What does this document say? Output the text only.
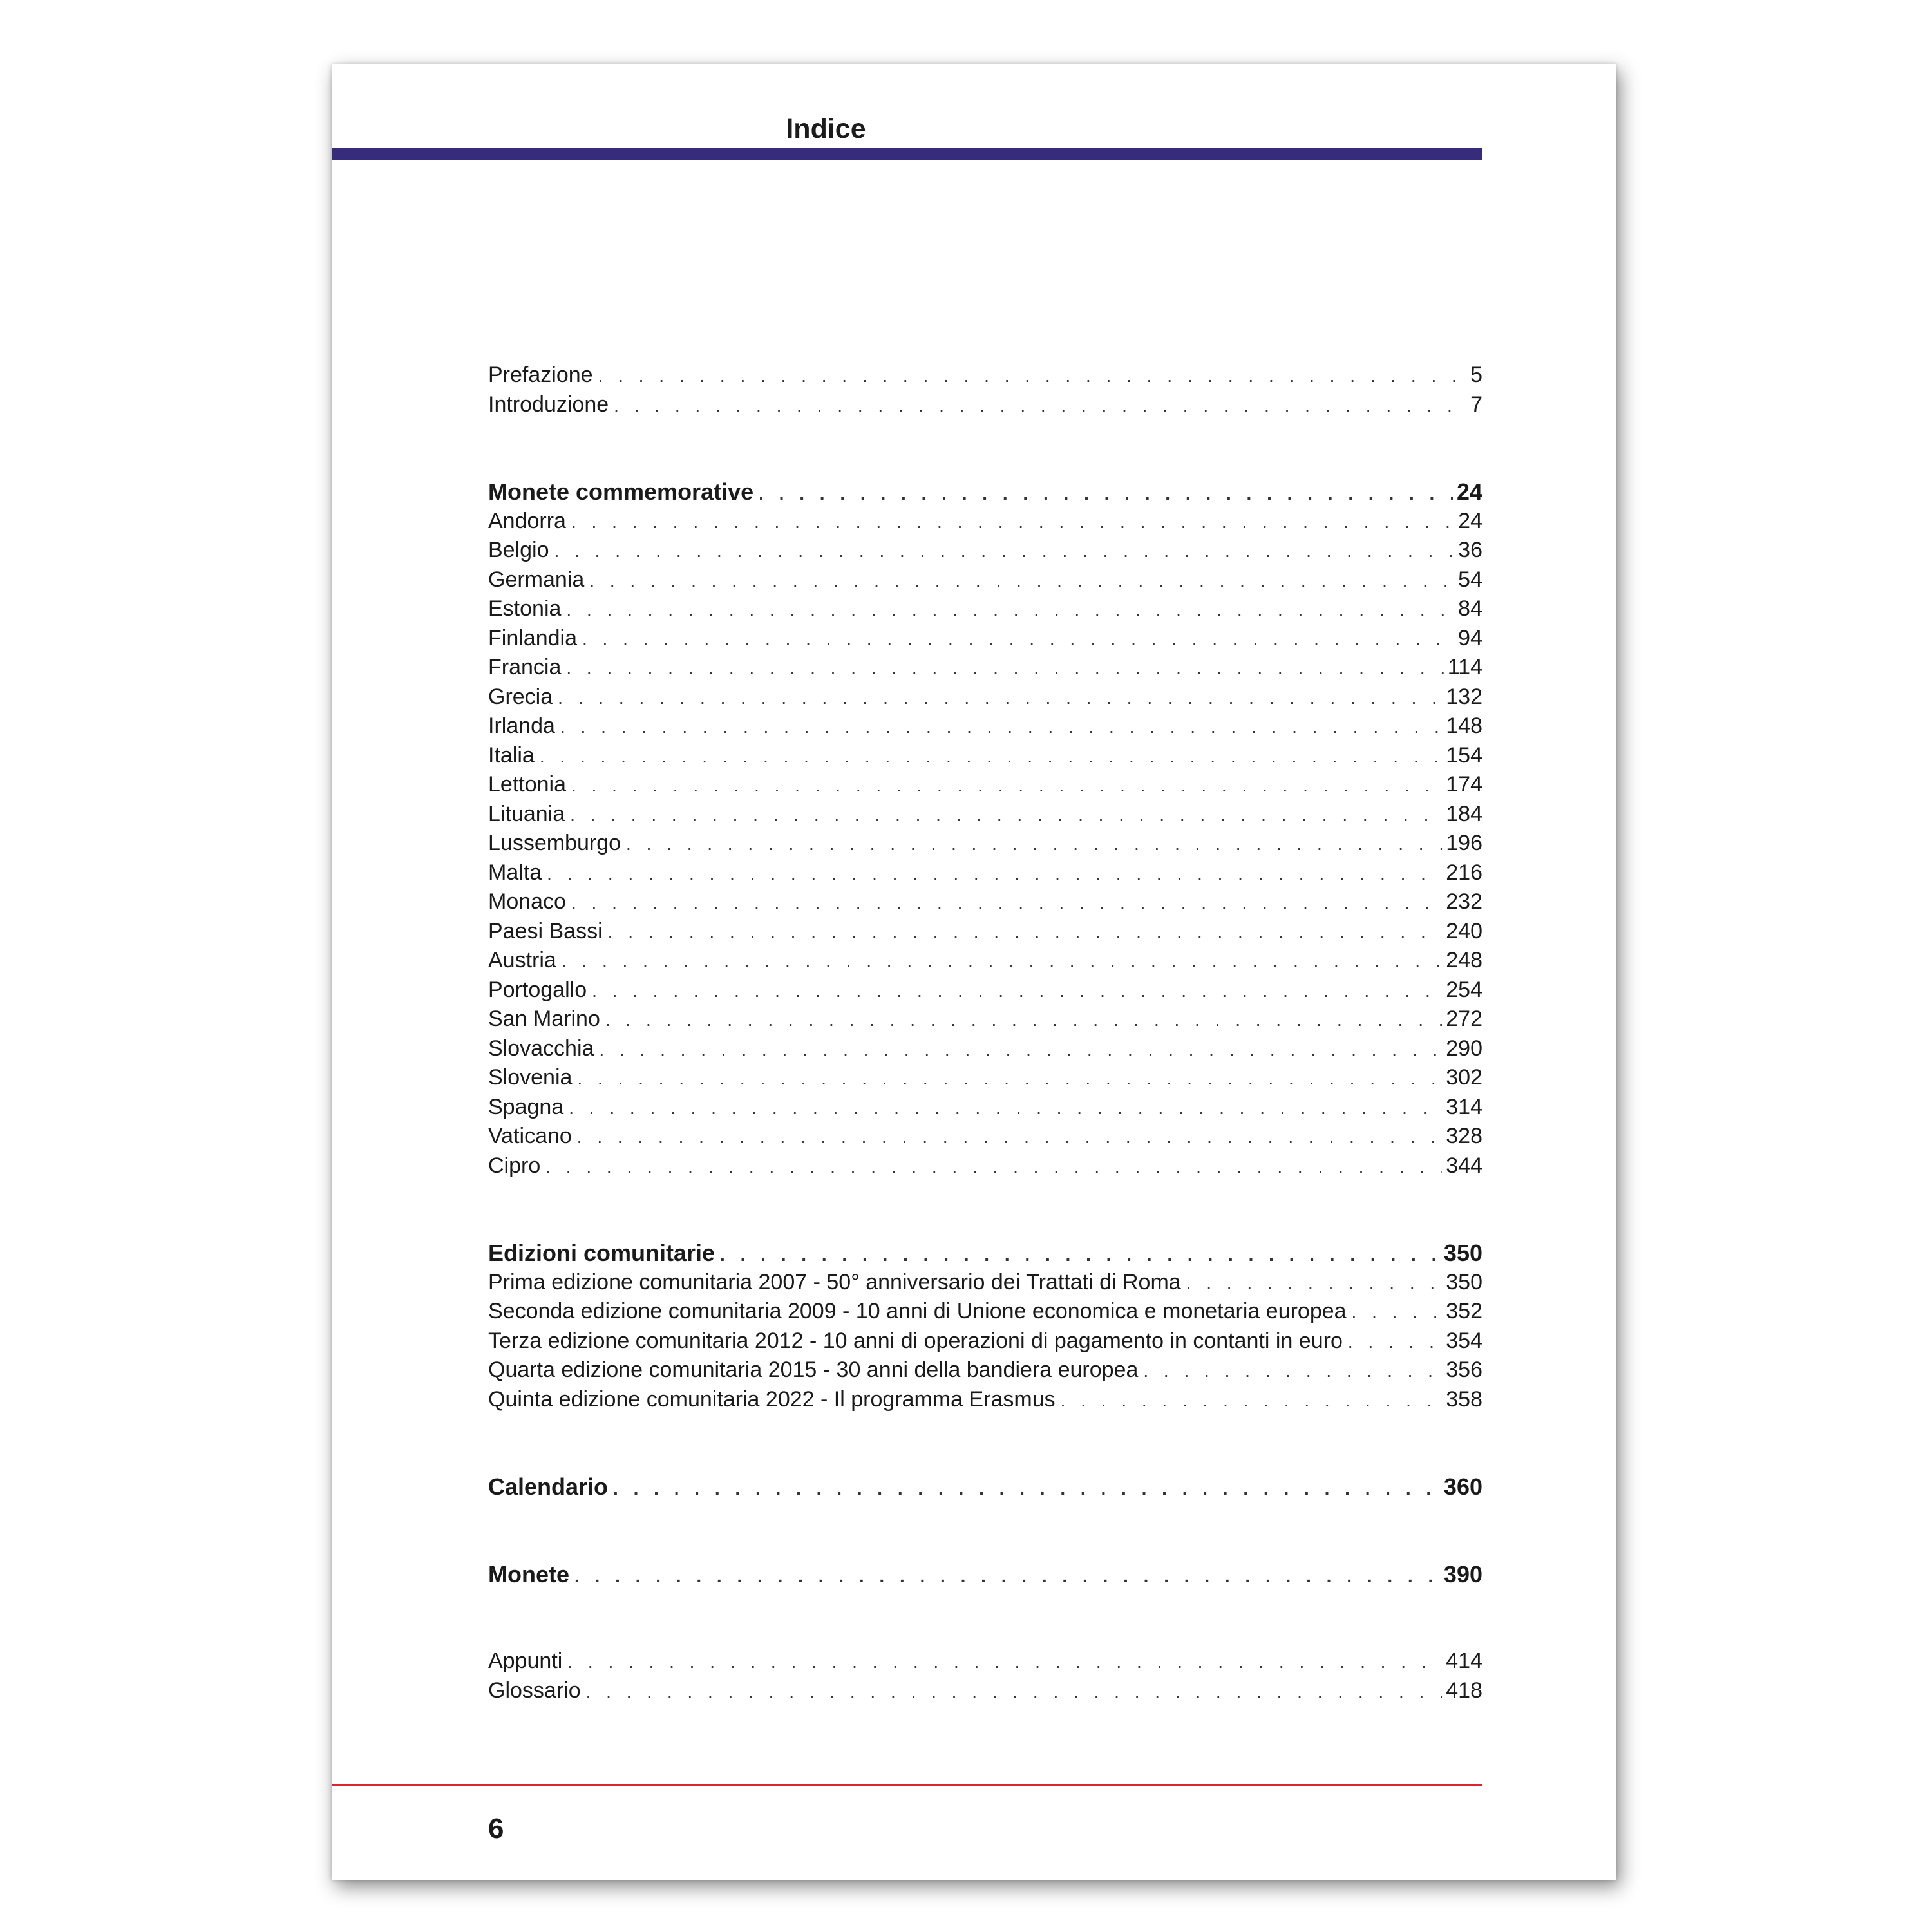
Indice
Prefazione . . .	5
Introduzione . . .	7
Monete commemorative . . .	24
Andorra . . .	24
Belgio . . .	36
Germania . . .	54
Estonia . . .	84
Finlandia . . .	94
Francia . . .	114
Grecia . . .	132
Irlanda . . .	148
Italia . . .	154
Lettonia . . .	174
Lituania . . .	184
Lussemburgo . . .	196
Malta . . .	216
Monaco . . .	232
Paesi Bassi . . .	240
Austria . . .	248
Portogallo . . .	254
San Marino . . .	272
Slovacchia . . .	290
Slovenia . . .	302
Spagna . . .	314
Vaticano . . .	328
Cipro . . .	344
Edizioni comunitarie . . .	350
Prima edizione comunitaria 2007 - 50° anniversario dei Trattati di Roma . . .	350
Seconda edizione comunitaria 2009 - 10 anni di Unione economica e monetaria europea . . .	352
Terza edizione comunitaria 2012 - 10 anni di operazioni di pagamento in contanti in euro . . .	354
Quarta edizione comunitaria 2015 - 30 anni della bandiera europea . . .	356
Quinta edizione comunitaria 2022 - Il programma Erasmus . . .	358
Calendario . . .	360
Monete . . .	390
Appunti . . .	414
Glossario . . .	418
6
